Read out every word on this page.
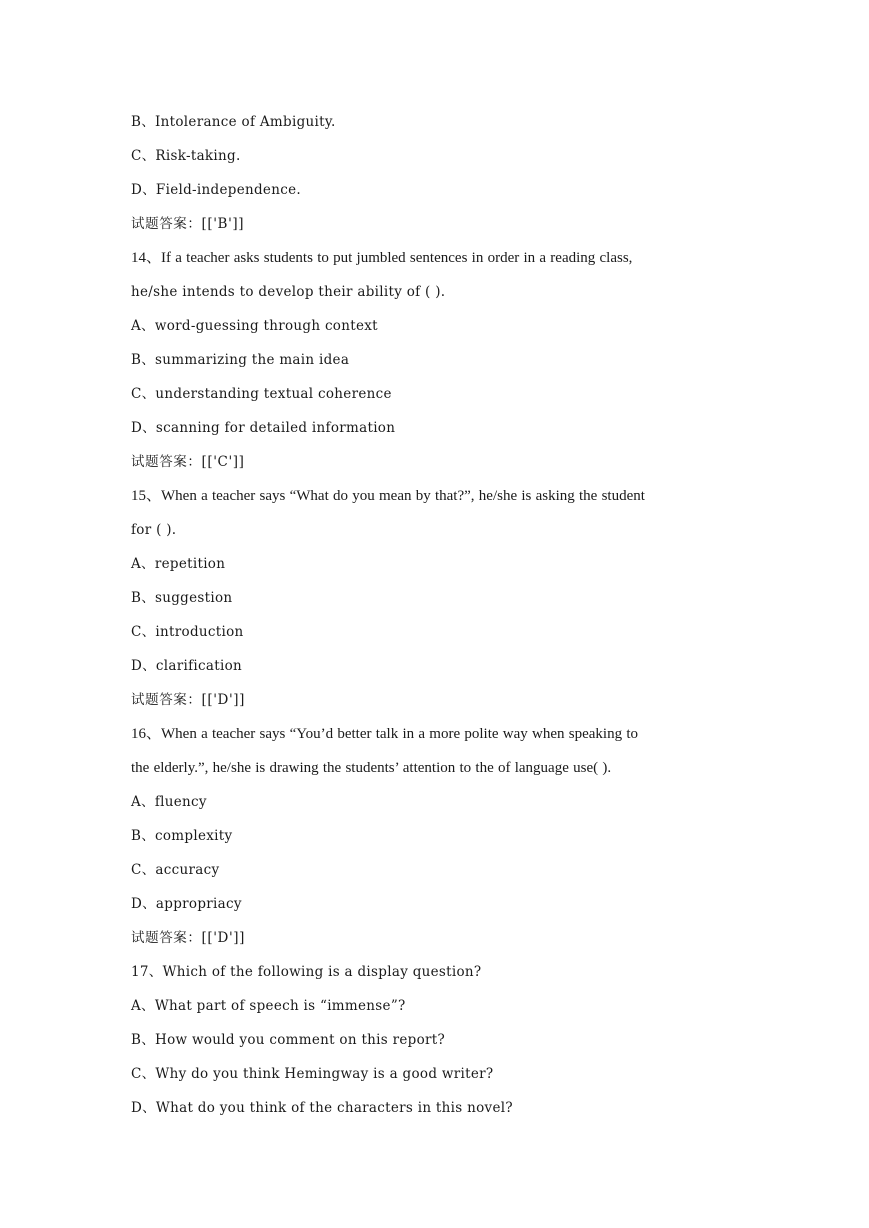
B、Intolerance of Ambiguity.
C、Risk-taking.
D、Field-independence.
试题答案：[['B']]
14、If a teacher asks students to put jumbled sentences in order in a reading class,
he/she intends to develop their ability of ( ).
A、word-guessing through context
B、summarizing the main idea
C、understanding textual coherence
D、scanning for detailed information
试题答案：[['C']]
15、When a teacher says “What do you mean by that?”, he/she is asking the student
for ( ).
A、repetition
B、suggestion
C、introduction
D、clarification
试题答案：[['D']]
16、When a teacher says “You’d better talk in a more polite way when speaking to
the elderly.”, he/she is drawing the students’ attention to the of language use( ).
A、fluency
B、complexity
C、accuracy
D、appropriacy
试题答案：[['D']]
17、Which of the following is a display question?
A、What part of speech is “immense”?
B、How would you comment on this report?
C、Why do you think Hemingway is a good writer?
D、What do you think of the characters in this novel?
